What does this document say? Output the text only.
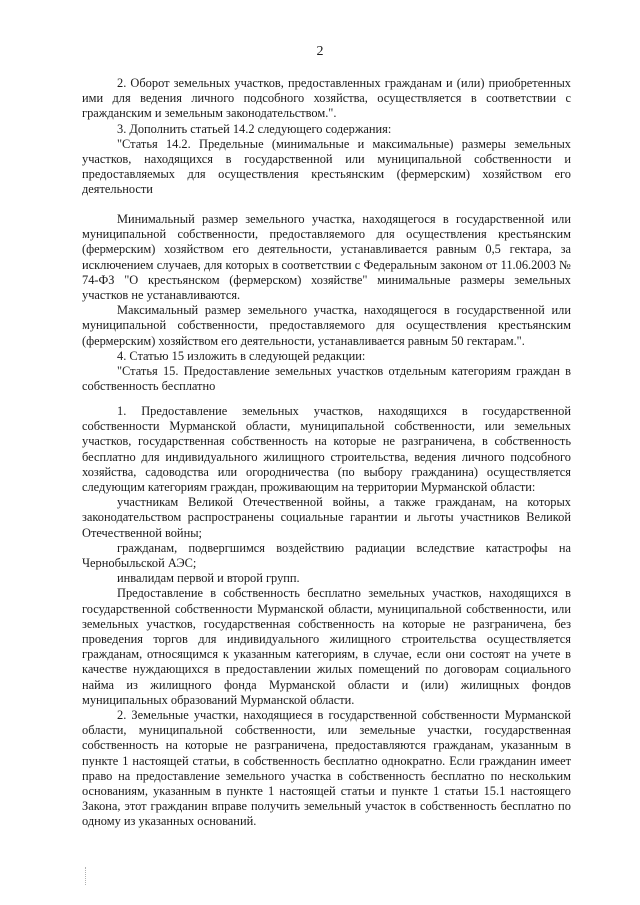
2

2. Оборот земельных участков, предоставленных гражданам и (или) приобретенных ими для ведения личного подсобного хозяйства, осуществляется в соответствии с гражданским и земельным законодательством.".

3. Дополнить статьей 14.2 следующего содержания:

"Статья 14.2. Предельные (минимальные и максимальные) размеры земельных участков, находящихся в государственной или муниципальной собственности и предоставляемых для осуществления крестьянским (фермерским) хозяйством его деятельности

Минимальный размер земельного участка, находящегося в государственной или муниципальной собственности, предоставляемого для осуществления крестьянским (фермерским) хозяйством его деятельности, устанавливается равным 0,5 гектара, за исключением случаев, для которых в соответствии с Федеральным законом от 11.06.2003 № 74-ФЗ "О крестьянском (фермерском) хозяйстве" минимальные размеры земельных участков не устанавливаются.

Максимальный размер земельного участка, находящегося в государственной или муниципальной собственности, предоставляемого для осуществления крестьянским (фермерским) хозяйством его деятельности, устанавливается равным 50 гектарам.".

4. Статью 15 изложить в следующей редакции:

"Статья 15. Предоставление земельных участков отдельным категориям граждан в собственность бесплатно

1. Предоставление земельных участков, находящихся в государственной собственности Мурманской области, муниципальной собственности, или земельных участков, государственная собственность на которые не разграничена, в собственность бесплатно для индивидуального жилищного строительства, ведения личного подсобного хозяйства, садоводства или огородничества (по выбору гражданина) осуществляется следующим категориям граждан, проживающим на территории Мурманской области:

участникам Великой Отечественной войны, а также гражданам, на которых законодательством распространены социальные гарантии и льготы участников Великой Отечественной войны;

гражданам, подвергшимся воздействию радиации вследствие катастрофы на Чернобыльской АЭС;

инвалидам первой и второй групп.

Предоставление в собственность бесплатно земельных участков, находящихся в государственной собственности Мурманской области, муниципальной собственности, или земельных участков, государственная собственность на которые не разграничена, без проведения торгов для индивидуального жилищного строительства осуществляется гражданам, относящимся к указанным категориям, в случае, если они состоят на учете в качестве нуждающихся в предоставлении жилых помещений по договорам социального найма из жилищного фонда Мурманской области и (или) жилищных фондов муниципальных образований Мурманской области.

2. Земельные участки, находящиеся в государственной собственности Мурманской области, муниципальной собственности, или земельные участки, государственная собственность на которые не разграничена, предоставляются гражданам, указанным в пункте 1 настоящей статьи, в собственность бесплатно однократно. Если гражданин имеет право на предоставление земельного участка в собственность бесплатно по нескольким основаниям, указанным в пункте 1 настоящей статьи и пункте 1 статьи 15.1 настоящего Закона, этот гражданин вправе получить земельный участок в собственность бесплатно по одному из указанных оснований.
